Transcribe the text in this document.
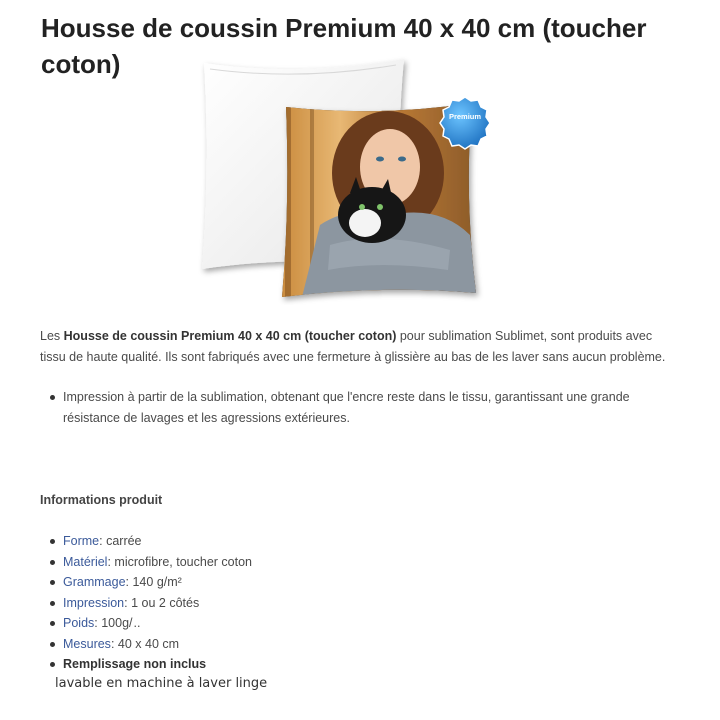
Housse de coussin Premium 40 x 40 cm (toucher coton)
Premium

Les Housse de coussin Premium 40 x 40 cm (toucher coton) pour sublimation Sublimet, sont produits avec tissu de haute qualité. Ils sont fabriqués avec une fermeture à glissière au bas de les laver sans aucun problème.

Impression à partir de la sublimation, obtenant que l'encre reste dans le tissu, garantissant une grande résistance de lavages et les agressions extérieures.
Informations produit
Forme: carrée
Matériel: microfibre, toucher coton
Grammage: 140 g/m²
Impression: 1 ou 2 côtés
Poids: 100g/ ..
Mesures: 40 x 40 cm
Remplissage non inclus

lavable en machine à laver linge
